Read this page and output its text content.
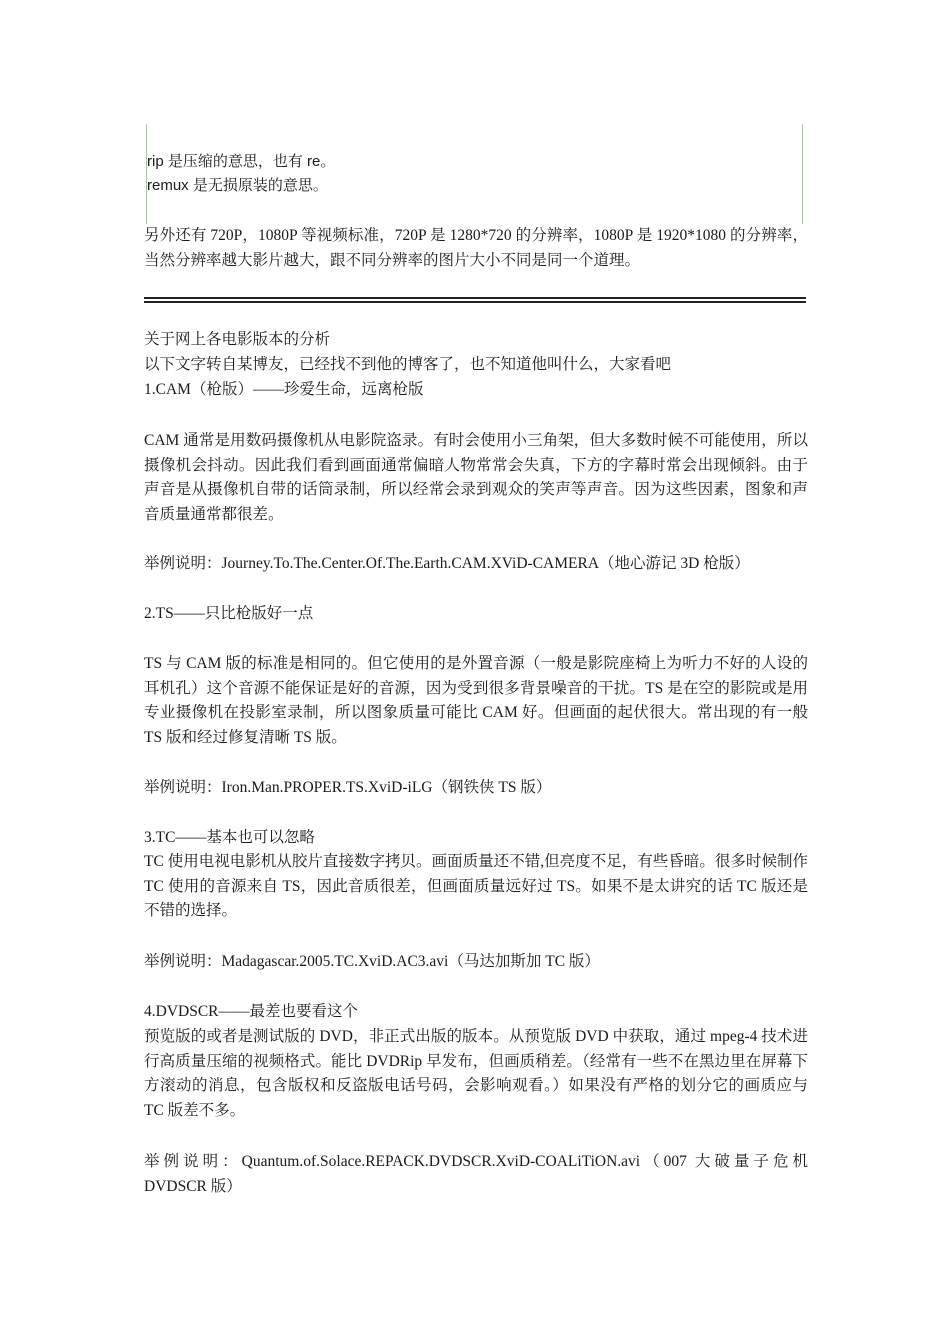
rip 是压缩的意思，也有 re。
remux 是无损原装的意思。

另外还有 720P，1080P 等视频标准，720P 是 1280*720 的分辨率，1080P 是 1920*1080 的分辨率，当然分辨率越大影片越大，跟不同分辨率的图片大小不同是同一个道理。

关于网上各电影版本的分析

以下文字转自某博友，已经找不到他的博客了，也不知道他叫什么，大家看吧

1.CAM（枪版）——珍爱生命，远离枪版

CAM 通常是用数码摄像机从电影院盗录。有时会使用小三角架，但大多数时候不可能使用，所以摄像机会抖动。因此我们看到画面通常偏暗人物常常会失真，下方的字幕时常会出现倾斜。由于声音是从摄像机自带的话筒录制，所以经常会录到观众的笑声等声音。因为这些因素，图象和声音质量通常都很差。

举例说明：Journey.To.The.Center.Of.The.Earth.CAM.XViD-CAMERA（地心游记 3D 枪版）

2.TS——只比枪版好一点

TS 与 CAM 版的标准是相同的。但它使用的是外置音源（一般是影院座椅上为听力不好的人设的耳机孔）这个音源不能保证是好的音源，因为受到很多背景噪音的干扰。TS 是在空的影院或是用专业摄像机在投影室录制，所以图象质量可能比 CAM 好。但画面的起伏很大。常出现的有一般 TS 版和经过修复清晰 TS 版。

举例说明：Iron.Man.PROPER.TS.XviD-iLG（钢铁侠 TS 版）

3.TC——基本也可以忽略

TC 使用电视电影机从胶片直接数字拷贝。画面质量还不错,但亮度不足，有些昏暗。很多时候制作 TC 使用的音源来自 TS，因此音质很差，但画面质量远好过 TS。如果不是太讲究的话 TC 版还是不错的选择。

举例说明：Madagascar.2005.TC.XviD.AC3.avi（马达加斯加 TC 版）

4.DVDSCR——最差也要看这个

预览版的或者是测试版的 DVD，非正式出版的版本。从预览版 DVD 中获取，通过 mpeg-4 技术进行高质量压缩的视频格式。能比 DVDRip 早发布，但画质稍差。（经常有一些不在黑边里在屏幕下方滚动的消息，包含版权和反盗版电话号码，会影响观看。）如果没有严格的划分它的画质应与 TC 版差不多。

举例说明：Quantum.of.Solace.REPACK.DVDSCR.XviD-COALiTiON.avi（007 大破量子危机 DVDSCR 版）
